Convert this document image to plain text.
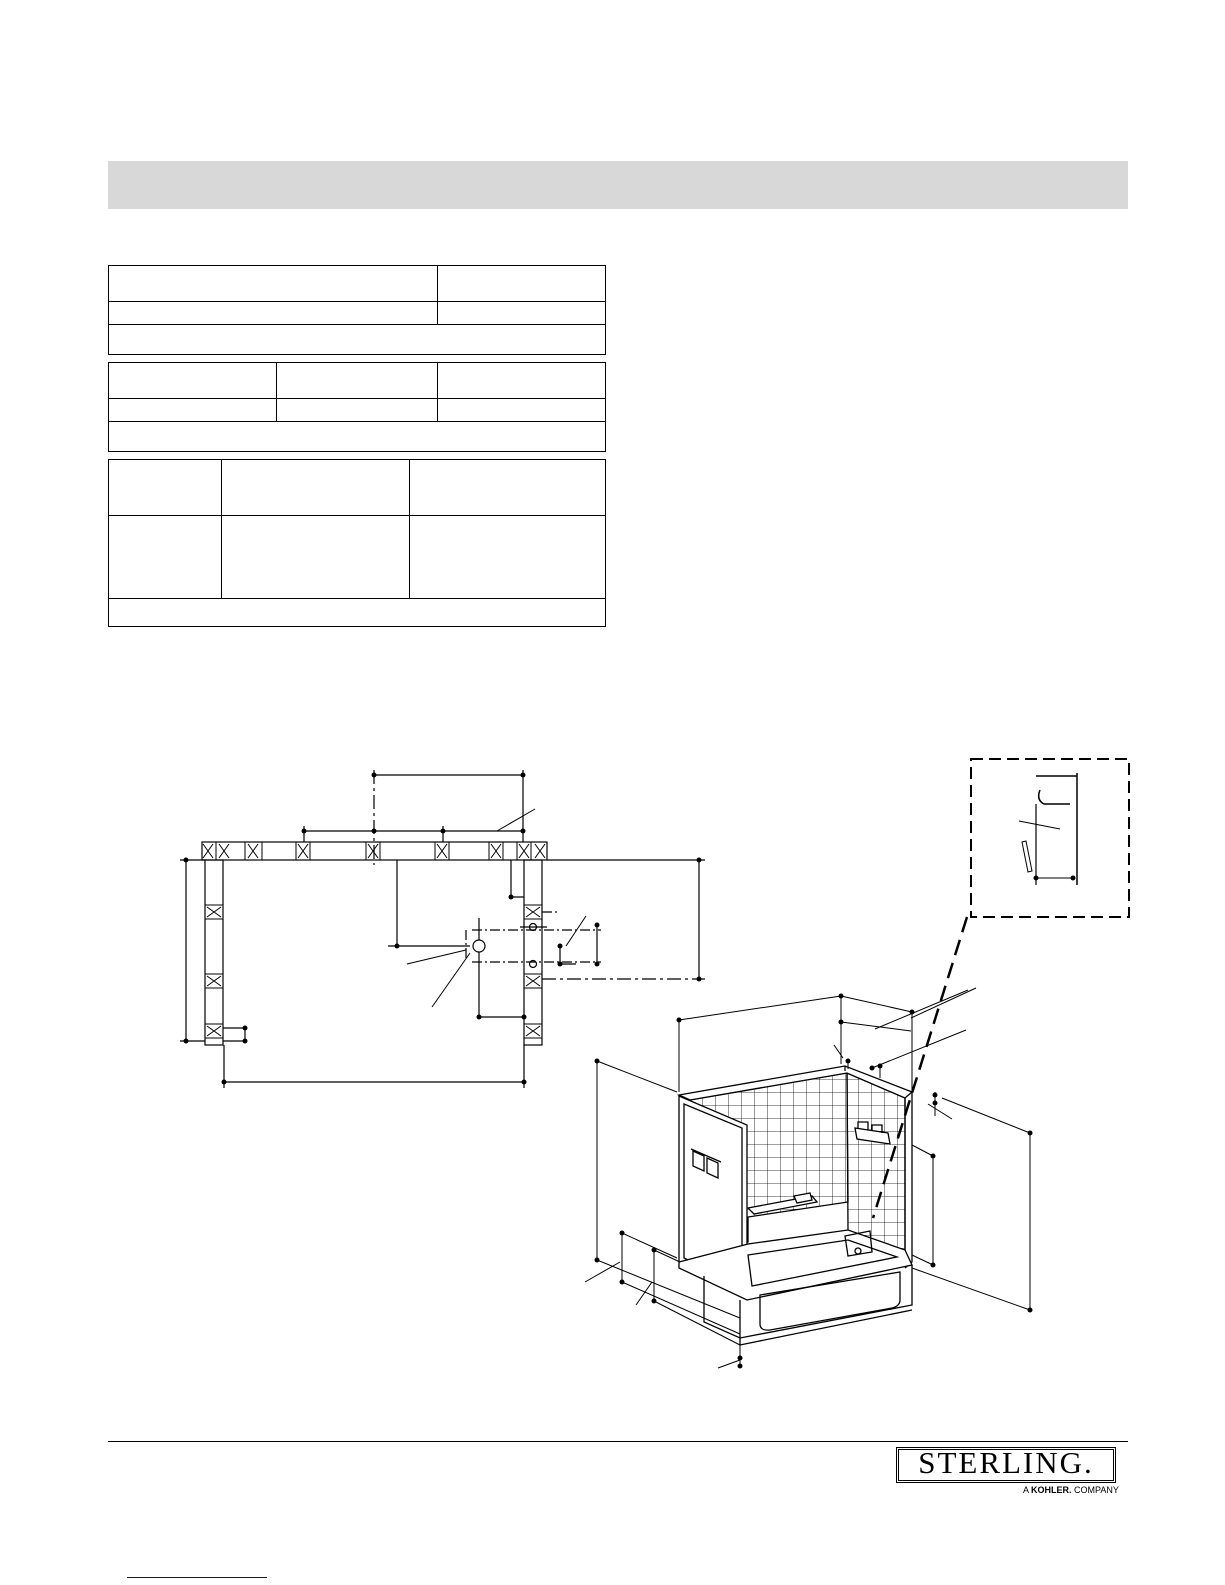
STERLING.
A KOHLER. COMPANY
